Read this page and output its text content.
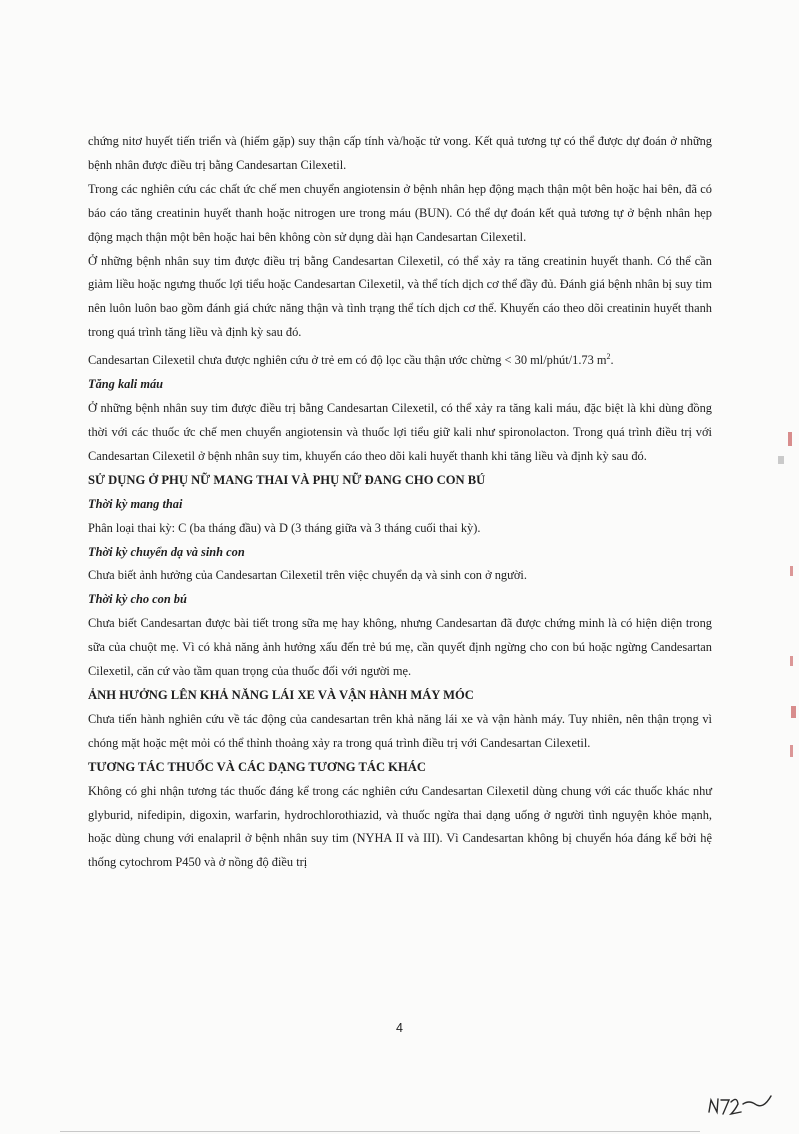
chứng nitơ huyết tiến triển và (hiếm gặp) suy thận cấp tính và/hoặc tử vong. Kết quả tương tự có thể được dự đoán ở những bệnh nhân được điều trị bằng Candesartan Cilexetil.

Trong các nghiên cứu các chất ức chế men chuyển angiotensin ở bệnh nhân hẹp động mạch thận một bên hoặc hai bên, đã có báo cáo tăng creatinin huyết thanh hoặc nitrogen ure trong máu (BUN). Có thể dự đoán kết quả tương tự ở bệnh nhân hẹp động mạch thận một bên hoặc hai bên không còn sử dụng dài hạn Candesartan Cilexetil.

Ở những bệnh nhân suy tim được điều trị bằng Candesartan Cilexetil, có thể xảy ra tăng creatinin huyết thanh. Có thể cần giảm liều hoặc ngưng thuốc lợi tiểu hoặc Candesartan Cilexetil, và thể tích dịch cơ thể đầy đủ. Đánh giá bệnh nhân bị suy tim nên luôn luôn bao gồm đánh giá chức năng thận và tình trạng thể tích dịch cơ thể. Khuyến cáo theo dõi creatinin huyết thanh trong quá trình tăng liều và định kỳ sau đó.

Candesartan Cilexetil chưa được nghiên cứu ở trẻ em có độ lọc cầu thận ước chừng < 30 ml/phút/1.73 $m^2$.

Tăng kali máu

Ở những bệnh nhân suy tim được điều trị bằng Candesartan Cilexetil, có thể xảy ra tăng kali máu, đặc biệt là khi dùng đồng thời với các thuốc ức chế men chuyển angiotensin và thuốc lợi tiểu giữ kali như spironolacton. Trong quá trình điều trị với Candesartan Cilexetil ở bệnh nhân suy tim, khuyến cáo theo dõi kali huyết thanh khi tăng liều và định kỳ sau đó.

SỬ DỤNG Ở PHỤ NỮ MANG THAI VÀ PHỤ NỮ ĐANG CHO CON BÚ

Thời kỳ mang thai

Phân loại thai kỳ: C (ba tháng đầu) và D (3 tháng giữa và 3 tháng cuối thai kỳ).

Thời kỳ chuyển dạ và sinh con

Chưa biết ảnh hưởng của Candesartan Cilexetil trên việc chuyển dạ và sinh con ở người.

Thời kỳ cho con bú

Chưa biết Candesartan được bài tiết trong sữa mẹ hay không, nhưng Candesartan đã được chứng minh là có hiện diện trong sữa của chuột mẹ. Vì có khả năng ảnh hưởng xấu đến trẻ bú mẹ, cần quyết định ngừng cho con bú hoặc ngừng Candesartan Cilexetil, căn cứ vào tầm quan trọng của thuốc đối với người mẹ.

ẢNH HƯỞNG LÊN KHẢ NĂNG LÁI XE VÀ VẬN HÀNH MÁY MÓC

Chưa tiến hành nghiên cứu về tác động của candesartan trên khả năng lái xe và vận hành máy. Tuy nhiên, nên thận trọng vì chóng mặt hoặc mệt mỏi có thể thỉnh thoảng xảy ra trong quá trình điều trị với Candesartan Cilexetil.

TƯƠNG TÁC THUỐC VÀ CÁC DẠNG TƯƠNG TÁC KHÁC

Không có ghi nhận tương tác thuốc đáng kể trong các nghiên cứu Candesartan Cilexetil dùng chung với các thuốc khác như glyburid, nifedipin, digoxin, warfarin, hydrochlorothiazid, và thuốc ngừa thai dạng uống ở người tình nguyện khỏe mạnh, hoặc dùng chung với enalapril ở bệnh nhân suy tim (NYHA II và III). Vì Candesartan không bị chuyển hóa đáng kể bởi hệ thống cytochrom P450 và ở nồng độ điều trị

4
